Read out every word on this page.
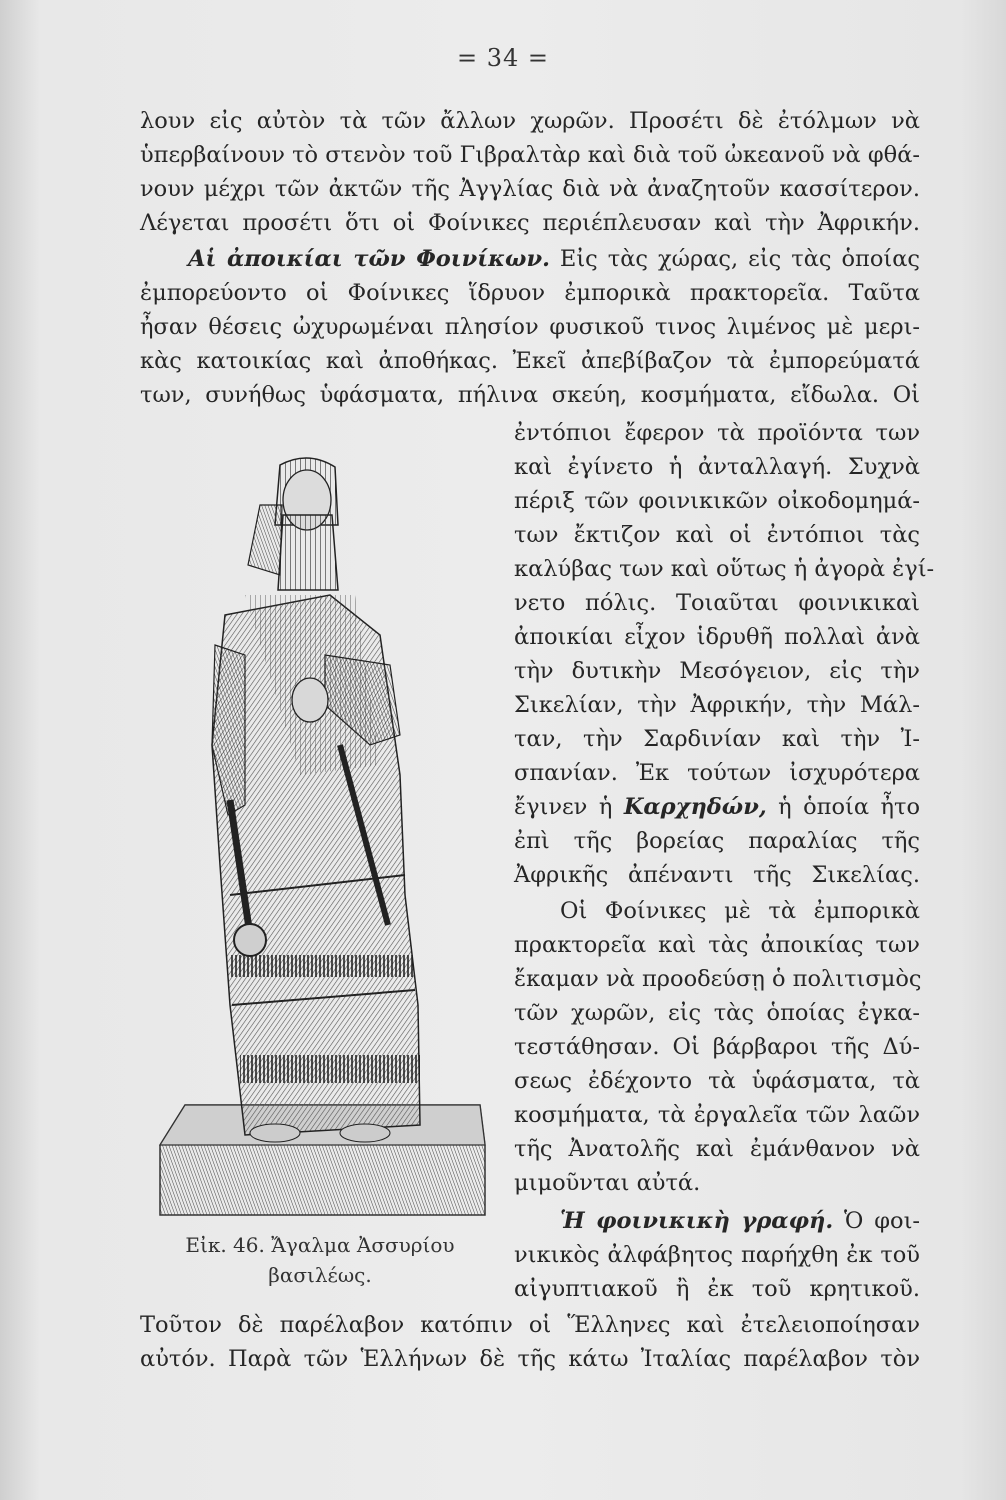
= 34 =
λουν εἰς αὐτὸν τὰ τῶν ἄλλων χωρῶν. Προσέτι δὲ ἐτόλμων νὰ
ὑπερβαίνουν τὸ στενὸν τοῦ Γιβραλτὰρ καὶ διὰ τοῦ ὠκεανοῦ νὰ φθά-
νουν μέχρι τῶν ἀκτῶν τῆς Ἀγγλίας διὰ νὰ ἀναζητοῦν κασσίτερον.
Λέγεται προσέτι ὅτι οἱ Φοίνικες περιέπλευσαν καὶ τὴν Ἀφρικήν.
Αἱ ἀποικίαι τῶν Φοινίκων. Εἰς τὰς χώρας, εἰς τὰς ὁποίας
ἐμπορεύοντο οἱ Φοίνικες ἵδρυον ἐμπορικὰ πρακτορεῖα. Ταῦτα
ἦσαν θέσεις ὠχυρωμέναι πλησίον φυσικοῦ τινος λιμένος μὲ μερι-
κὰς κατοικίας καὶ ἀποθήκας. Ἐκεῖ ἀπεβίβαζον τὰ ἐμπορεύματά
των, συνήθως ὑφάσματα, πήλινα σκεύη, κοσμήματα, εἴδωλα. Οἱ
ἐντόπιοι ἔφερον τὰ προϊόντα των
καὶ ἐγίνετο ἡ ἀνταλλαγή. Συχνὰ
πέριξ τῶν φοινικικῶν οἰκοδομημά-
των ἔκτιζον καὶ οἱ ἐντόπιοι τὰς
καλύβας των καὶ οὕτως ἡ ἀγορὰ ἐγί-
νετο πόλις. Τοιαῦται φοινικικαὶ
ἀποικίαι εἶχον ἱδρυθῆ πολλαὶ ἀνὰ
τὴν δυτικὴν Μεσόγειον, εἰς τὴν
Σικελίαν, τὴν Ἀφρικήν, τὴν Μάλ-
ταν, τὴν Σαρδινίαν καὶ τὴν Ἰ-
σπανίαν. Ἐκ τούτων ἰσχυρότερα
ἔγινεν ἡ Καρχηδών, ἡ ὁποία ἦτο
ἐπὶ τῆς βορείας παραλίας τῆς
Ἀφρικῆς ἀπέναντι τῆς Σικελίας.
Οἱ Φοίνικες μὲ τὰ ἐμπορικὰ
πρακτορεῖα καὶ τὰς ἀποικίας των
ἔκαμαν νὰ προοδεύσῃ ὁ πολιτισμὸς
τῶν χωρῶν, εἰς τὰς ὁποίας ἐγκα-
τεστάθησαν. Οἱ βάρβαροι τῆς Δύ-
σεως ἐδέχοντο τὰ ὑφάσματα, τὰ
κοσμήματα, τὰ ἐργαλεῖα τῶν λαῶν
τῆς Ἀνατολῆς καὶ ἐμάνθανον νὰ
μιμοῦνται αὐτά.
Ἡ φοινικικὴ γραφή. Ὁ φοι-
νικικὸς ἀλφάβητος παρήχθη ἐκ τοῦ
αἰγυπτιακοῦ ἢ ἐκ τοῦ κρητικοῦ.
Τοῦτον δὲ παρέλαβον κατόπιν οἱ Ἕλληνες καὶ ἐτελειοποίησαν
αὐτόν. Παρὰ τῶν Ἑλλήνων δὲ τῆς κάτω Ἰταλίας παρέλαβον τὸν
Εἰκ. 46. Ἄγαλμα Ἀσσυρίου
βασιλέως.
